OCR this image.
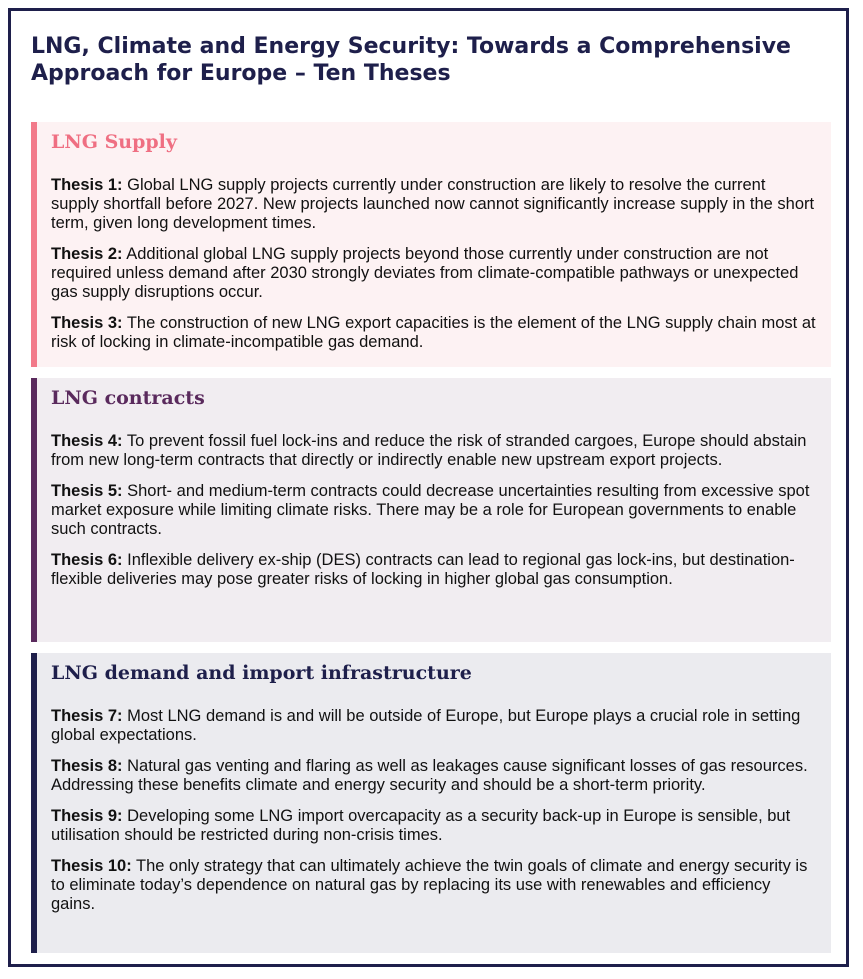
LNG, Climate and Energy Security: Towards a Comprehensive Approach for Europe – Ten Theses
LNG Supply

Thesis 1: Global LNG supply projects currently under construction are likely to resolve the current supply shortfall before 2027. New projects launched now cannot significantly increase supply in the short term, given long development times.

Thesis 2: Additional global LNG supply projects beyond those currently under construction are not required unless demand after 2030 strongly deviates from climate-compatible pathways or unexpected gas supply disruptions occur.

Thesis 3: The construction of new LNG export capacities is the element of the LNG supply chain most at risk of locking in climate-incompatible gas demand.

LNG contracts

Thesis 4: To prevent fossil fuel lock-ins and reduce the risk of stranded cargoes, Europe should abstain from new long-term contracts that directly or indirectly enable new upstream export projects.

Thesis 5: Short- and medium-term contracts could decrease uncertainties resulting from excessive spot market exposure while limiting climate risks. There may be a role for European governments to enable such contracts.

Thesis 6: Inflexible delivery ex-ship (DES) contracts can lead to regional gas lock-ins, but destination-flexible deliveries may pose greater risks of locking in higher global gas consumption.

LNG demand and import infrastructure

Thesis 7: Most LNG demand is and will be outside of Europe, but Europe plays a crucial role in setting global expectations.

Thesis 8: Natural gas venting and flaring as well as leakages cause significant losses of gas resources. Addressing these benefits climate and energy security and should be a short-term priority.

Thesis 9: Developing some LNG import overcapacity as a security back-up in Europe is sensible, but utilisation should be restricted during non-crisis times.

Thesis 10: The only strategy that can ultimately achieve the twin goals of climate and energy security is to eliminate today’s dependence on natural gas by replacing its use with renewables and efficiency gains.
